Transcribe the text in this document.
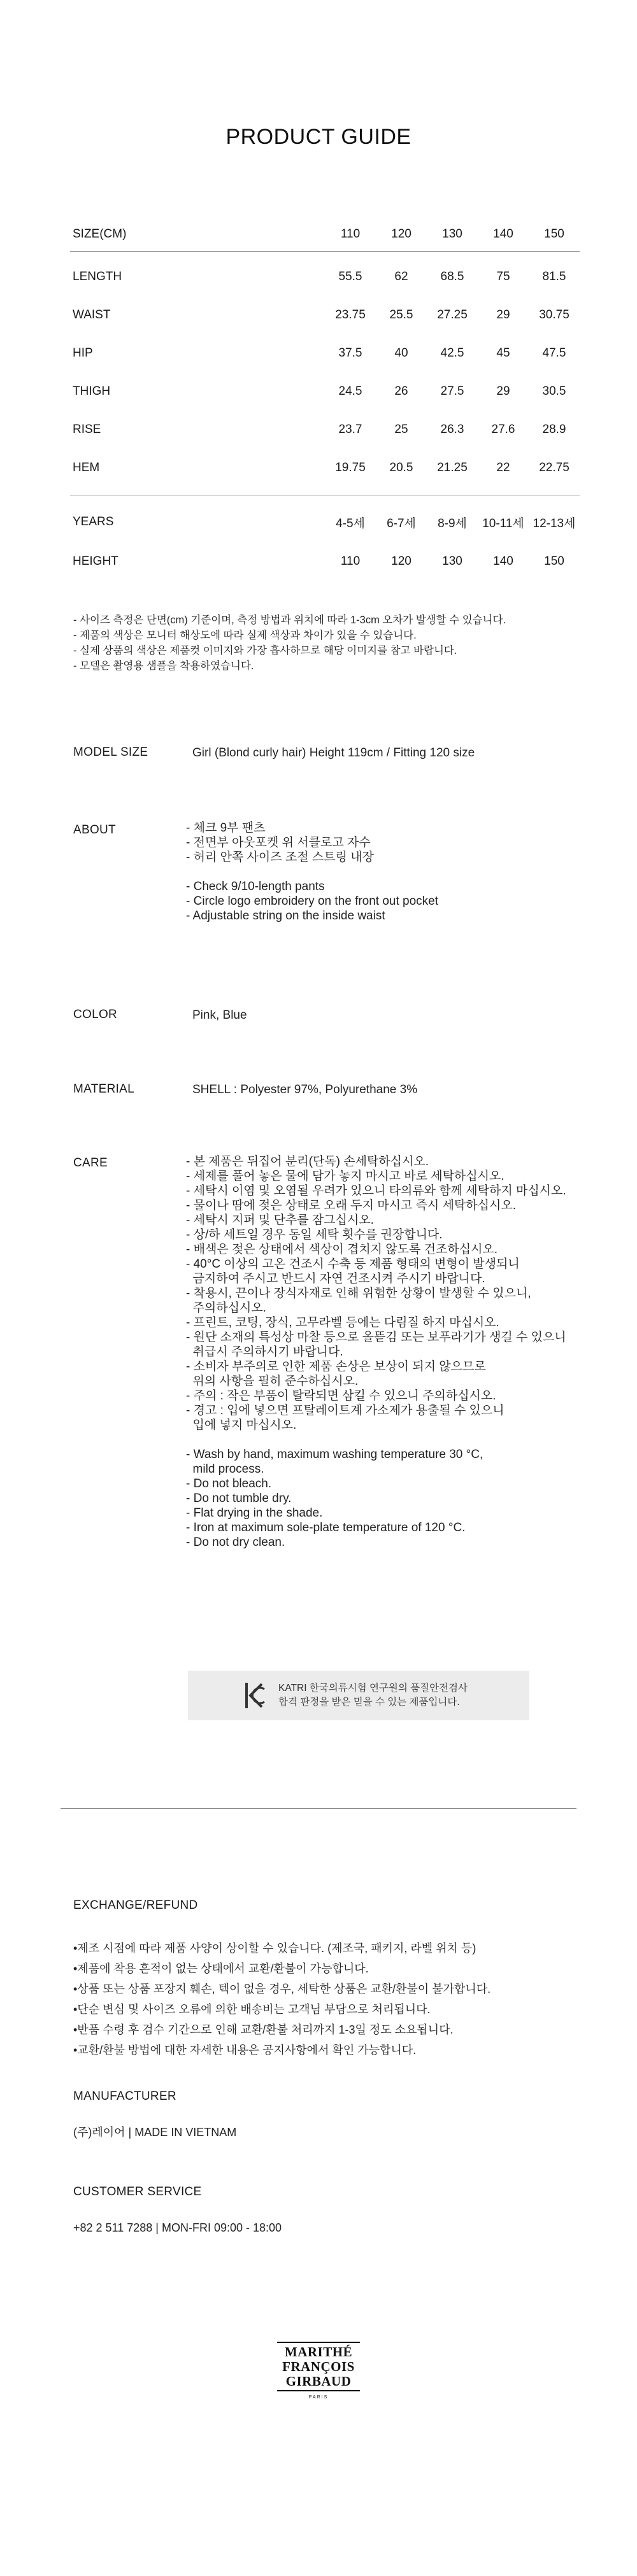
PRODUCT GUIDE
SIZE(CM)	110	120	130	140	150
LENGTH	55.5	62	68.5	75	81.5
WAIST	23.75	25.5	27.25	29	30.75
HIP	37.5	40	42.5	45	47.5
THIGH	24.5	26	27.5	29	30.5
RISE	23.7	25	26.3	27.6	28.9
HEM	19.75	20.5	21.25	22	22.75
YEARS	4-5세	6-7세	8-9세	10-11세 12-13세
HEIGHT	110	120	130	140	150
- 사이즈 측정은 단면(cm) 기준이며, 측정 방법과 위치에 따라 1-3cm 오차가 발생할 수 있습니다.
- 제품의 색상은 모니터 해상도에 따라 실제 색상과 차이가 있을 수 있습니다.
- 실제 상품의 색상은 제품컷 이미지와 가장 흡사하므로 해당 이미지를 참고 바랍니다.
- 모델은 촬영용 샘플을 착용하였습니다.
MODEL SIZE	Girl (Blond curly hair) Height 119cm / Fitting 120 size
ABOUT	- 체크 9부 팬츠
- 전면부 아웃포켓 위 서클로고 자수
- 허리 안쪽 사이즈 조절 스트링 내장
- Check 9/10-length pants
- Circle logo embroidery on the front out pocket
- Adjustable string on the inside waist
COLOR	Pink, Blue
MATERIAL	SHELL : Polyester 97%, Polyurethane 3%
CARE	- 본 제품은 뒤집어 분리(단독) 손세탁하십시오.
- 세제를 풀어 놓은 물에 담가 놓지 마시고 바로 세탁하십시오.
- 세탁시 이염 및 오염될 우려가 있으니 타의류와 함께 세탁하지 마십시오.
- 물이나 땀에 젖은 상태로 오래 두지 마시고 즉시 세탁하십시오.
- 세탁시 지퍼 및 단추를 잠그십시오.
- 상/하 세트일 경우 동일 세탁 횟수를 권장합니다.
- 배색은 젖은 상태에서 색상이 겹치지 않도록 건조하십시오.
- 40°C 이상의 고온 건조시 수축 등 제품 형태의 변형이 발생되니
금지하여 주시고 반드시 자연 건조시켜 주시기 바랍니다.
- 착용시, 끈이나 장식자재로 인해 위험한 상황이 발생할 수 있으니,
주의하십시오.
- 프린트, 코팅, 장식, 고무라벨 등에는 다림질 하지 마십시오.
- 원단 소재의 특성상 마찰 등으로 올뜯김 또는 보푸라기가 생길 수 있으니
취급시 주의하시기 바랍니다.
- 소비자 부주의로 인한 제품 손상은 보상이 되지 않으므로
위의 사항을 필히 준수하십시오.
- 주의 : 작은 부품이 탈락되면 삼킬 수 있으니 주의하십시오.
- 경고 : 입에 넣으면 프탈레이트계 가소제가 용출될 수 있으니
입에 넣지 마십시오.
- Wash by hand, maximum washing temperature 30 °C,
mild process.
- Do not bleach.
- Do not tumble dry.
- Flat drying in the shade.
- Iron at maximum sole-plate temperature of 120 °C.
- Do not dry clean.
KATRI 한국의류시험 연구원의 품질안전검사
합격 판정을 받은 믿을 수 있는 제품입니다.
EXCHANGE/REFUND
•제조 시점에 따라 제품 사양이 상이할 수 있습니다. (제조국, 패키지, 라벨 위치 등)
•제품에 착용 흔적이 없는 상태에서 교환/환불이 가능합니다.
•상품 또는 상품 포장지 훼손, 텍이 없을 경우, 세탁한 상품은 교환/환불이 불가합니다.
•단순 변심 및 사이즈 오류에 의한 배송비는 고객님 부담으로 처리됩니다.
•반품 수령 후 검수 기간으로 인해 교환/환불 처리까지 1-3일 정도 소요됩니다.
•교환/환불 방법에 대한 자세한 내용은 공지사항에서 확인 가능합니다.
MANUFACTURER
(주)레이어 | MADE IN VIETNAM
CUSTOMER SERVICE
+82 2 511 7288 | MON-FRI 09:00 - 18:00
MARITHÉ
FRANÇOIS
GIRBAUD
PARIS
